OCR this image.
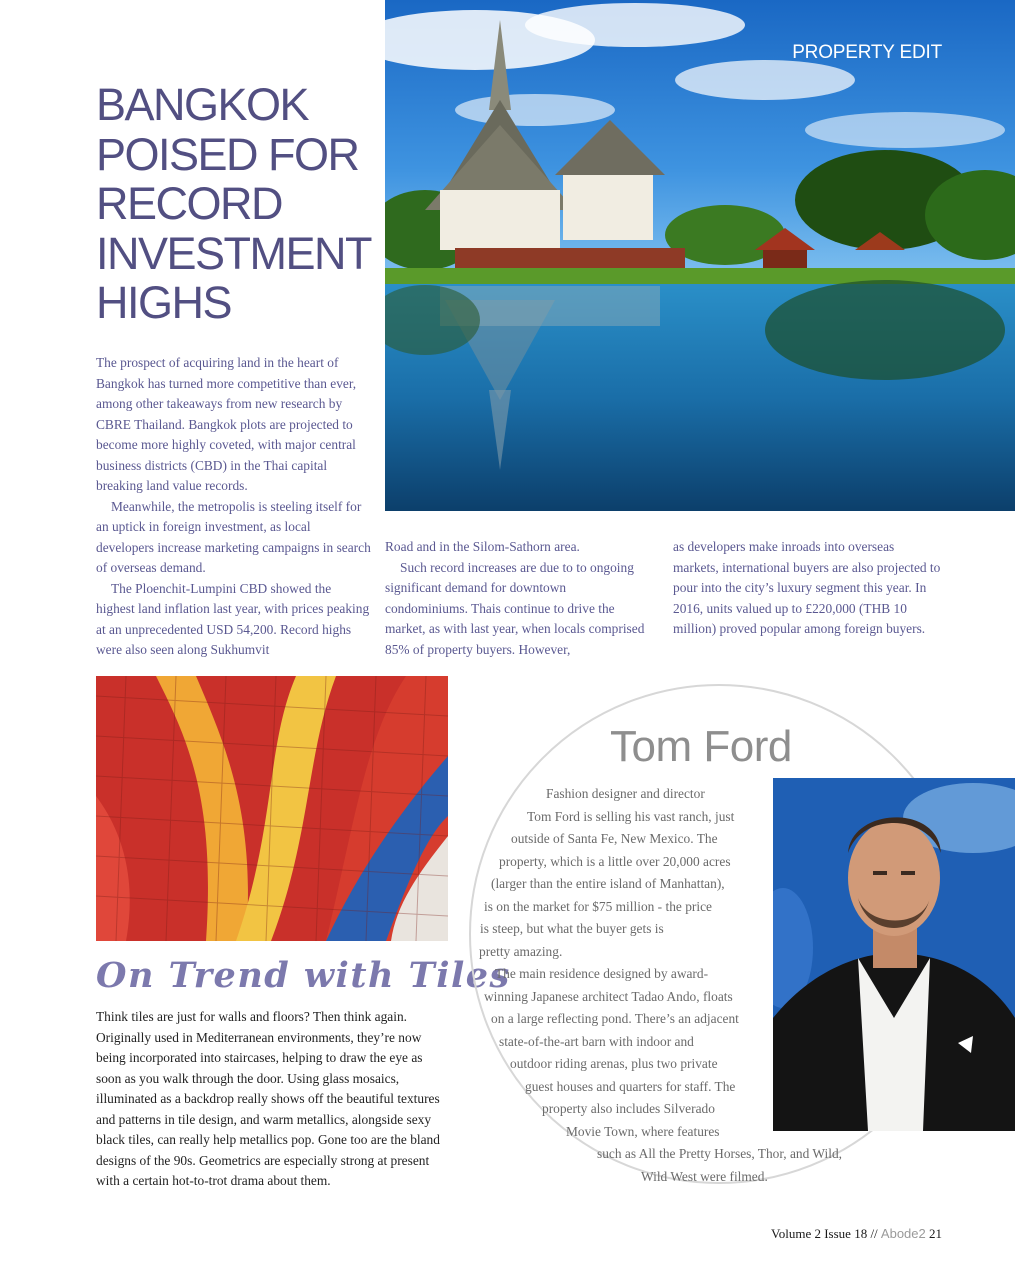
PROPERTY EDIT
BANGKOK
POISED FOR
RECORD
INVESTMENT
HIGHS

The prospect of acquiring land in the heart of Bangkok has turned more competitive than ever, among other takeaways from new research by CBRE Thailand. Bangkok plots are projected to become more highly coveted, with major central business districts (CBD) in the Thai capital breaking land value records.

Meanwhile, the metropolis is steeling itself for an uptick in foreign investment, as local developers increase marketing campaigns in search of overseas demand.

The Ploenchit-Lumpini CBD showed the highest land inflation last year, with prices peaking at an unprecedented USD 54,200. Record highs were also seen along Sukhumvit

Road and in the Silom-Sathorn area.

Such record increases are due to to ongoing significant demand for downtown condominiums. Thais continue to drive the market, as with last year, when locals comprised 85% of property buyers. However,

as developers make inroads into overseas markets, international buyers are also projected to pour into the city’s luxury segment this year. In 2016, units valued up to £220,000 (THB 10 million) proved popular among foreign buyers.

On Trend with Tiles

Think tiles are just for walls and floors? Then think again. Originally used in Mediterranean environments, they’re now being incorporated into staircases, helping to draw the eye as soon as you walk through the door. Using glass mosaics, illuminated as a backdrop really shows off the beautiful textures and patterns in tile design, and warm metallics, alongside sexy black tiles, can really help metallics pop. Gone too are the bland designs of the 90s. Geometrics are especially strong at present with a certain hot-to-trot drama about them.

Tom Ford
Fashion designer and director
Tom Ford is selling his vast ranch, just
outside of Santa Fe, New Mexico. The
property, which is a little over 20,000 acres
(larger than the entire island of Manhattan),
is on the market for $75 million - the price
is steep, but what the buyer gets is
pretty amazing.
The main residence designed by award-
winning Japanese architect Tadao Ando, floats
on a large reflecting pond. There’s an adjacent
state-of-the-art barn with indoor and
outdoor riding arenas, plus two private
guest houses and quarters for staff. The
property also includes Silverado
Movie Town, where features
such as All the Pretty Horses, Thor, and Wild,
Wild West were filmed.
Volume 2 Issue 18 // Abode2 21
